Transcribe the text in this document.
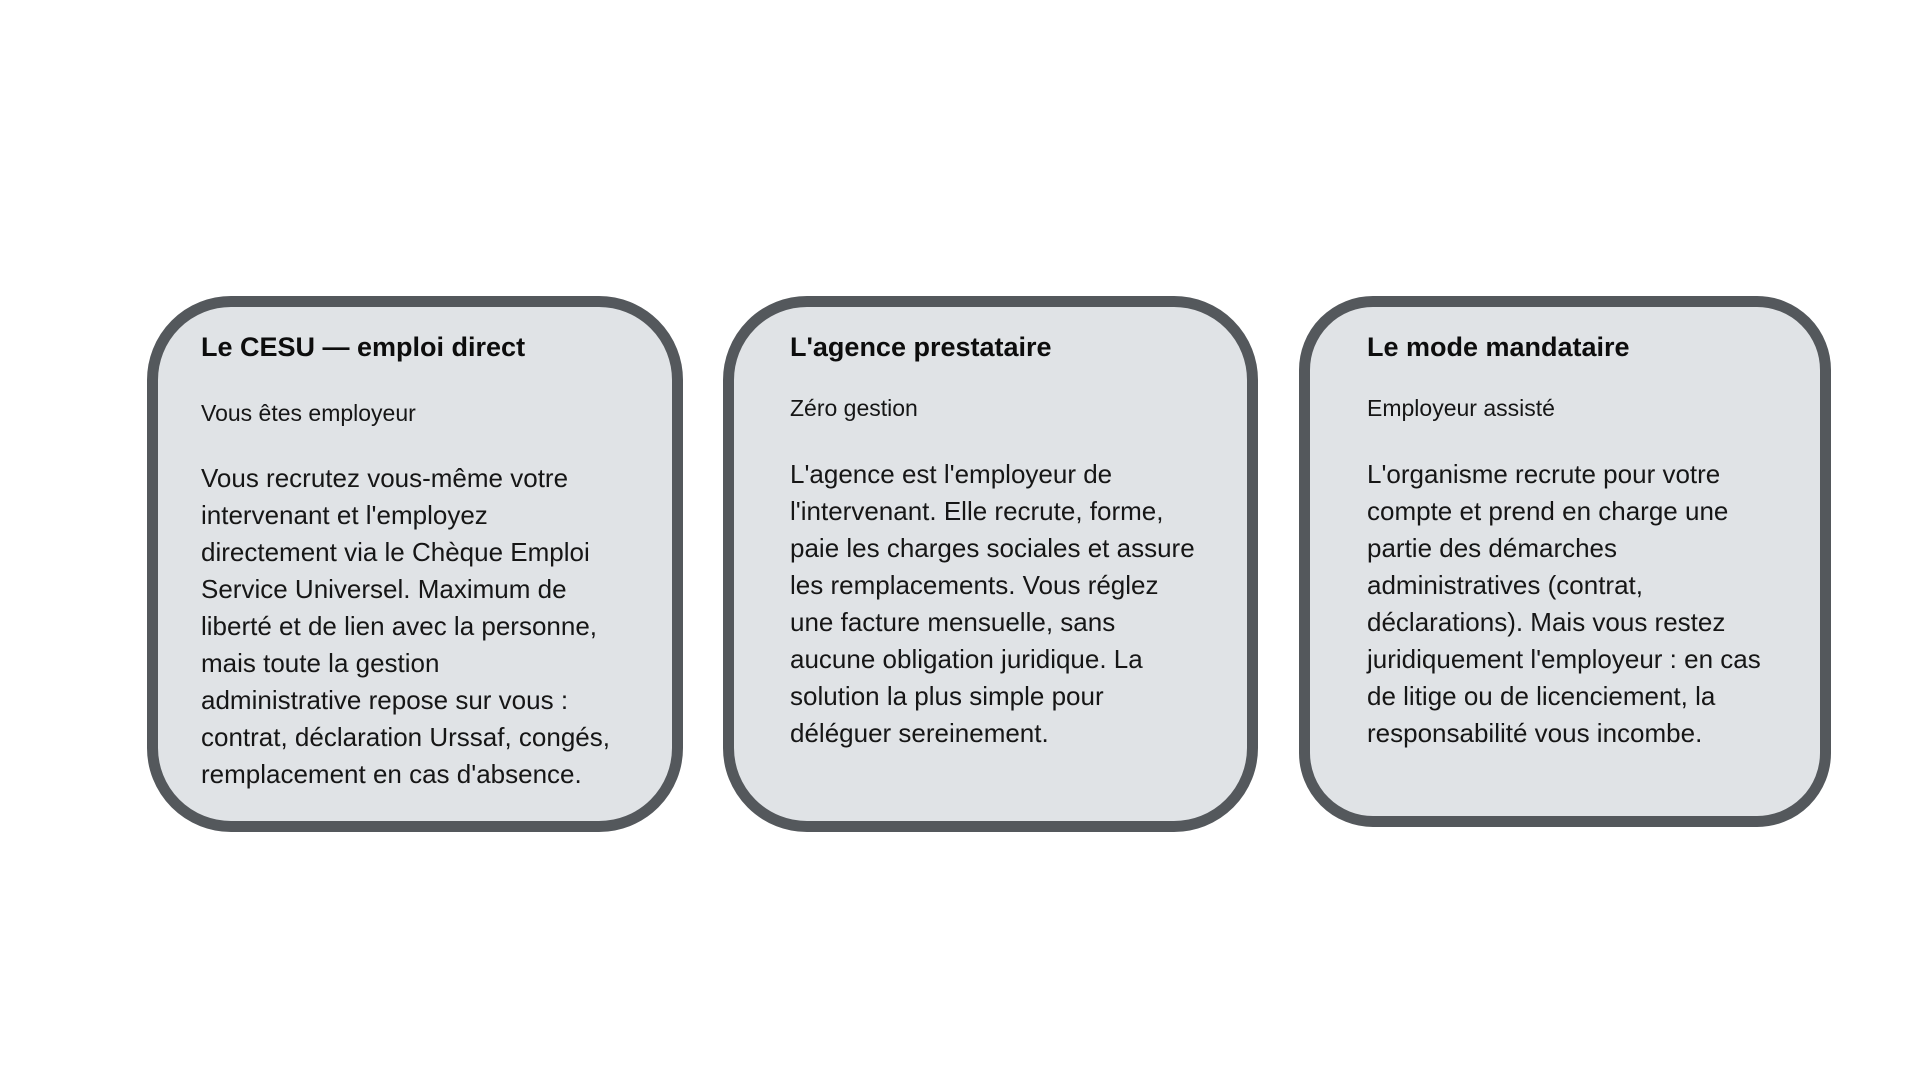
Le CESU — emploi direct
Vous êtes employeur
Vous recrutez vous-même votre
intervenant et l'employez
directement via le Chèque Emploi
Service Universel. Maximum de
liberté et de lien avec la personne,
mais toute la gestion
administrative repose sur vous :
contrat, déclaration Urssaf, congés,
remplacement en cas d'absence.
L'agence prestataire
Zéro gestion
L'agence est l'employeur de
l'intervenant. Elle recrute, forme,
paie les charges sociales et assure
les remplacements. Vous réglez
une facture mensuelle, sans
aucune obligation juridique. La
solution la plus simple pour
déléguer sereinement.
Le mode mandataire
Employeur assisté
L'organisme recrute pour votre
compte et prend en charge une
partie des démarches
administratives (contrat,
déclarations). Mais vous restez
juridiquement l'employeur : en cas
de litige ou de licenciement, la
responsabilité vous incombe.
